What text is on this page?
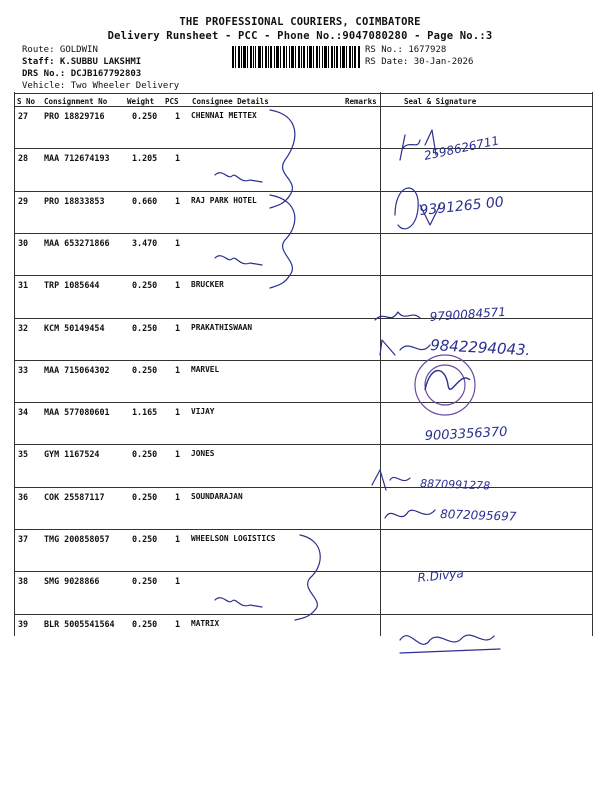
THE PROFESSIONAL COURIERS, COIMBATORE
Delivery Runsheet - PCC - Phone No.:9047080280 - Page No.:3
Route: GOLDWIN
Staff: K.SUBBU LAKSHMI
DRS No.: DCJB167792803
Vehicle: Two Wheeler Delivery
RS No.: 1677928
RS Date: 30-Jan-2026
S No Consignment No	Weight PCS Consignee Details	Remarks	Seal & Signature
27 PRO 18829716	0.250 1 CHENNAI METTEX
28 MAA 712674193	1.205 1
29 PRO 18833853	0.660 1 RAJ PARK HOTEL
30 MAA 653271866	3.470 1
31 TRP 1085644	0.250 1 BRUCKER
32 KCM 50149454	0.250 1 PRAKATHISWAAN
33 MAA 715064302	0.250 1 MARVEL
34 MAA 577080601	1.165 1 VIJAY
35 GYM 1167524	0.250 1 JONES
36 COK 25587117	0.250 1 SOUNDARAJAN
37 TMG 200858057	0.250 1 WHEELSON LOGISTICS
38 SMG 9028866	0.250 1
39 BLR 5005541564 0.250 1 MATRIX
2598626711
9391265 00
9790084571
9842294043.
9003356370
8870991278
8072095697
R.Divya
